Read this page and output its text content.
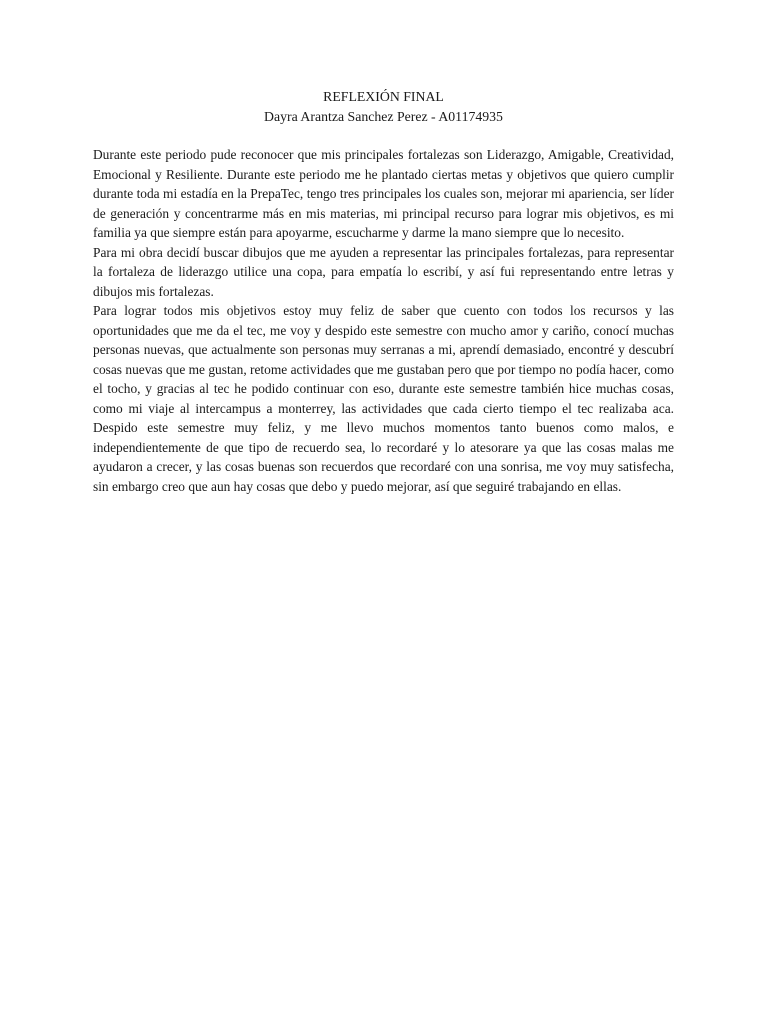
REFLEXIÓN FINAL

Dayra Arantza Sanchez Perez - A01174935

Durante este periodo pude reconocer que mis principales fortalezas son Liderazgo, Amigable, Creatividad, Emocional y Resiliente. Durante este periodo me he plantado ciertas metas y objetivos que quiero cumplir durante toda mi estadía en la PrepaTec, tengo tres principales los cuales son, mejorar mi apariencia, ser líder de generación y concentrarme más en mis materias, mi principal recurso para lograr mis objetivos, es mi familia ya que siempre están para apoyarme, escucharme y darme la mano siempre que lo necesito.

Para mi obra decidí buscar dibujos que me ayuden a representar las principales fortalezas, para representar la fortaleza de liderazgo utilice una copa, para empatía lo escribí, y así fui representando entre letras y dibujos mis fortalezas.

Para lograr todos mis objetivos estoy muy feliz de saber que cuento con todos los recursos y las oportunidades que me da el tec, me voy y despido este semestre con mucho amor y cariño, conocí muchas personas nuevas, que actualmente son personas muy serranas a mi, aprendí demasiado, encontré y descubrí cosas nuevas que me gustan, retome actividades que me gustaban pero que por tiempo no podía hacer, como el tocho, y gracias al tec he podido continuar con eso, durante este semestre también hice muchas cosas, como mi viaje al intercampus a monterrey, las actividades que cada cierto tiempo el tec realizaba aca. Despido este semestre muy feliz, y me llevo muchos momentos tanto buenos como malos, e independientemente de que tipo de recuerdo sea, lo recordaré y lo atesorare ya que las cosas malas me ayudaron a crecer, y las cosas buenas son recuerdos que recordaré con una sonrisa, me voy muy satisfecha, sin embargo creo que aun hay cosas que debo y puedo mejorar, así que seguiré trabajando en ellas.
